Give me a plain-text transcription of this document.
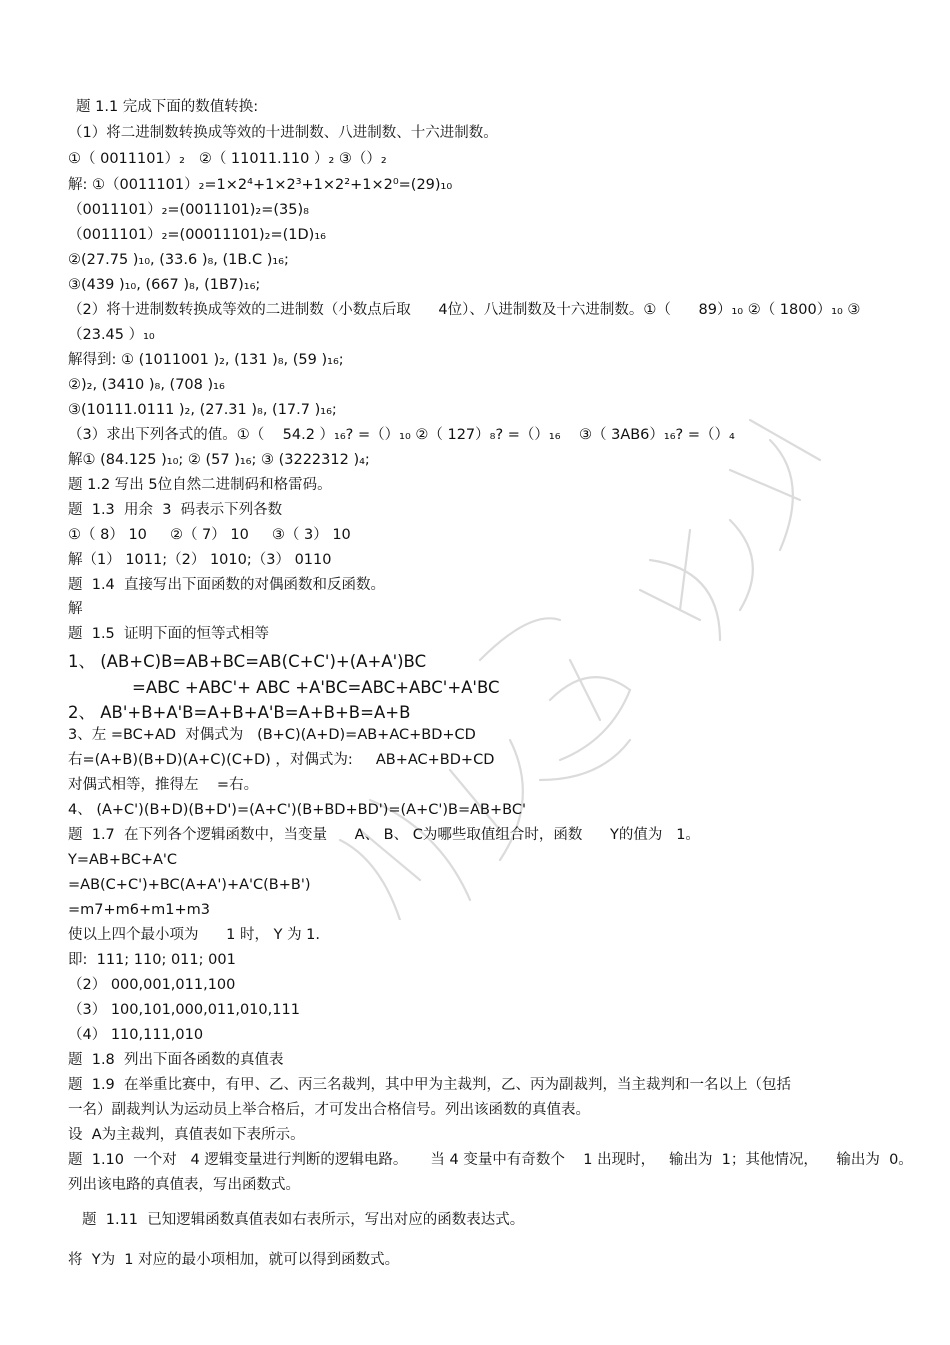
题 1.1 完成下面的数值转换:
（1）将二进制数转换成等效的十进制数、八进制数、十六进制数。
①（ 0011101）₂   ②（ 11011.110 ）₂ ③（）₂
解: ①（0011101）₂=1×2⁴+1×2³+1×2²+1×2⁰=(29)₁₀
（0011101）₂=(0011101)₂=(35)₈
（0011101）₂=(00011101)₂=(1D)₁₆
②(27.75 )₁₀, (33.6 )₈, (1B.C )₁₆;
③(439 )₁₀, (667 )₈, (1B7)₁₆;
（2）将十进制数转换成等效的二进制数（小数点后取      4位）、八进制数及十六进制数。①（      89）₁₀ ②（ 1800）₁₀ ③
（23.45 ）₁₀
解得到: ① (1011001 )₂, (131 )₈, (59 )₁₆;
②)₂, (3410 )₈, (708 )₁₆
③(10111.0111 )₂, (27.31 )₈, (17.7 )₁₆;
（3）求出下列各式的值。①（    54.2 ）₁₆? =（）₁₀ ②（ 127）₈? =（）₁₆    ③（ 3AB6）₁₆? =（）₄
解① (84.125 )₁₀; ② (57 )₁₆; ③ (3222312 )₄;
题 1.2 写出 5位自然二进制码和格雷码。
题  1.3  用余  3  码表示下列各数
①（ 8） 10     ②（ 7） 10     ③（ 3） 10
解（1） 1011;（2） 1010;（3） 0110
题  1.4  直接写出下面函数的对偶函数和反函数。
解
题  1.5  证明下面的恒等式相等
1、 (AB+C)B=AB+BC=AB(C+C')+(A+A')BC
=ABC +ABC'+ ABC +A'BC=ABC+ABC'+A'BC
2、 AB'+B+A'B=A+B+A'B=A+B+B=A+B
3、左 =BC+AD  对偶式为   (B+C)(A+D)=AB+AC+BD+CD
右=(A+B)(B+D)(A+C)(C+D) ，对偶式为:     AB+AC+BD+CD
对偶式相等，推得左    =右。
4、 (A+C')(B+D)(B+D')=(A+C')(B+BD+BD')=(A+C')B=AB+BC'
题  1.7  在下列各个逻辑函数中，当变量      A、 B、 C为哪些取值组合时，函数      Y的值为   1。
Y=AB+BC+A'C
=AB(C+C')+BC(A+A')+A'C(B+B')
=m7+m6+m1+m3
使以上四个最小项为      1 时， Y 为 1.
即:  111; 110; 011; 001
（2） 000,001,011,100
（3） 100,101,000,011,010,111
（4） 110,111,010
题  1.8  列出下面各函数的真值表
题  1.9  在举重比赛中，有甲、乙、丙三名裁判，其中甲为主裁判，乙、丙为副裁判，当主裁判和一名以上（包括
一名）副裁判认为运动员上举合格后，才可发出合格信号。列出该函数的真值表。
设  A为主裁判，真值表如下表所示。
题  1.10  一个对   4 逻辑变量进行判断的逻辑电路。     当 4 变量中有奇数个    1 出现时，   输出为  1；其他情况，    输出为  0。
列出该电路的真值表，写出函数式。
题  1.11  已知逻辑函数真值表如右表所示，写出对应的函数表达式。
将  Y为  1 对应的最小项相加，就可以得到函数式。
